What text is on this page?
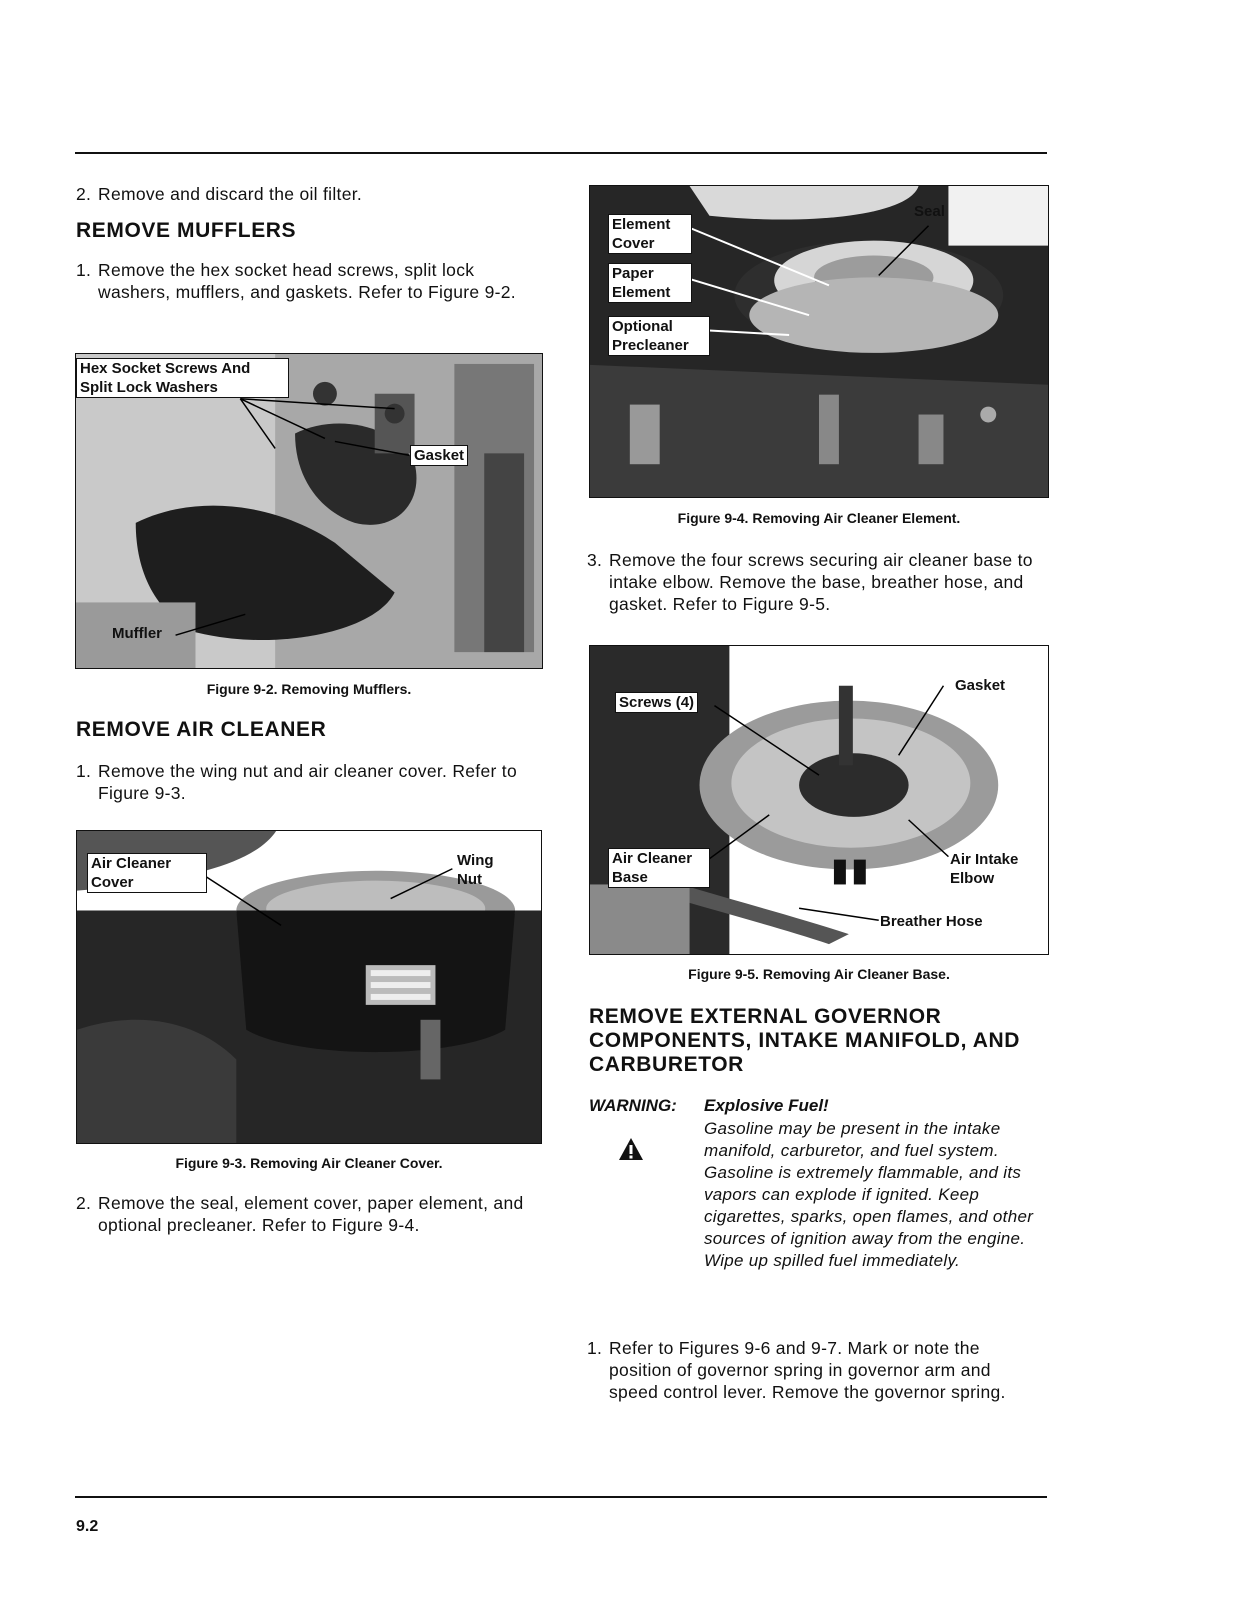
9.2
2. Remove and discard the oil filter.
REMOVE MUFFLERS
1. Remove the hex socket head screws, split lock washers, mufflers, and gaskets. Refer to Figure 9-2.
Hex Socket Screws And Split Lock Washers
Gasket
Muffler
Figure 9-2. Removing Mufflers.
REMOVE AIR CLEANER
1. Remove the wing nut and air cleaner cover. Refer to Figure 9-3.
Air Cleaner Cover
Wing Nut
Figure 9-3. Removing Air Cleaner Cover.
2. Remove the seal, element cover, paper element, and optional precleaner. Refer to Figure 9-4.
Element Cover
Paper Element
Optional Precleaner
Seal
Figure 9-4. Removing Air Cleaner Element.
3. Remove the four screws securing air cleaner base to intake elbow. Remove the base, breather hose, and gasket. Refer to Figure 9-5.
Screws (4)
Gasket
Air Cleaner Base
Air Intake Elbow
Breather Hose
Figure 9-5. Removing Air Cleaner Base.
REMOVE EXTERNAL GOVERNOR COMPONENTS, INTAKE MANIFOLD, AND CARBURETOR
WARNING: Explosive Fuel!
Gasoline may be present in the intake manifold, carburetor, and fuel system. Gasoline is extremely flammable, and its vapors can explode if ignited. Keep cigarettes, sparks, open flames, and other sources of ignition away from the engine. Wipe up spilled fuel immediately.
1. Refer to Figures 9-6 and 9-7. Mark or note the position of governor spring in governor arm and speed control lever. Remove the governor spring.
